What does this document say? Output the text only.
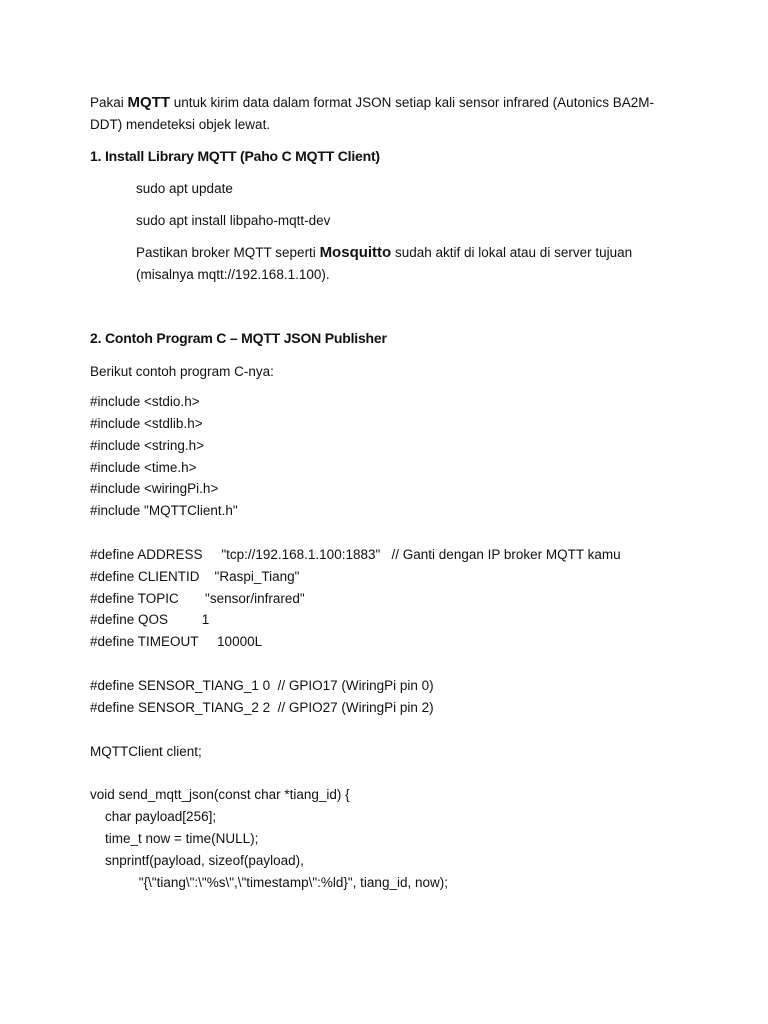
Pakai MQTT untuk kirim data dalam format JSON setiap kali sensor infrared (Autonics BA2M-DDT) mendeteksi objek lewat.

1. Install Library MQTT (Paho C MQTT Client)

sudo apt update

sudo apt install libpaho-mqtt-dev

Pastikan broker MQTT seperti Mosquitto sudah aktif di lokal atau di server tujuan (misalnya mqtt://192.168.1.100).

2. Contoh Program C – MQTT JSON Publisher

Berikut contoh program C-nya:

#include <stdio.h>
#include <stdlib.h>
#include <string.h>
#include <time.h>
#include <wiringPi.h>
#include "MQTTClient.h"
#define ADDRESS     "tcp://192.168.1.100:1883"   // Ganti dengan IP broker MQTT kamu
#define CLIENTID    "Raspi_Tiang"
#define TOPIC       "sensor/infrared"
#define QOS         1
#define TIMEOUT     10000L
#define SENSOR_TIANG_1 0  // GPIO17 (WiringPi pin 0)
#define SENSOR_TIANG_2 2  // GPIO27 (WiringPi pin 2)
MQTTClient client;
void send_mqtt_json(const char *tiang_id) {
char payload[256];
time_t now = time(NULL);
snprintf(payload, sizeof(payload),
"{\"tiang\":\"%s\",\"timestamp\":%ld}", tiang_id, now);
